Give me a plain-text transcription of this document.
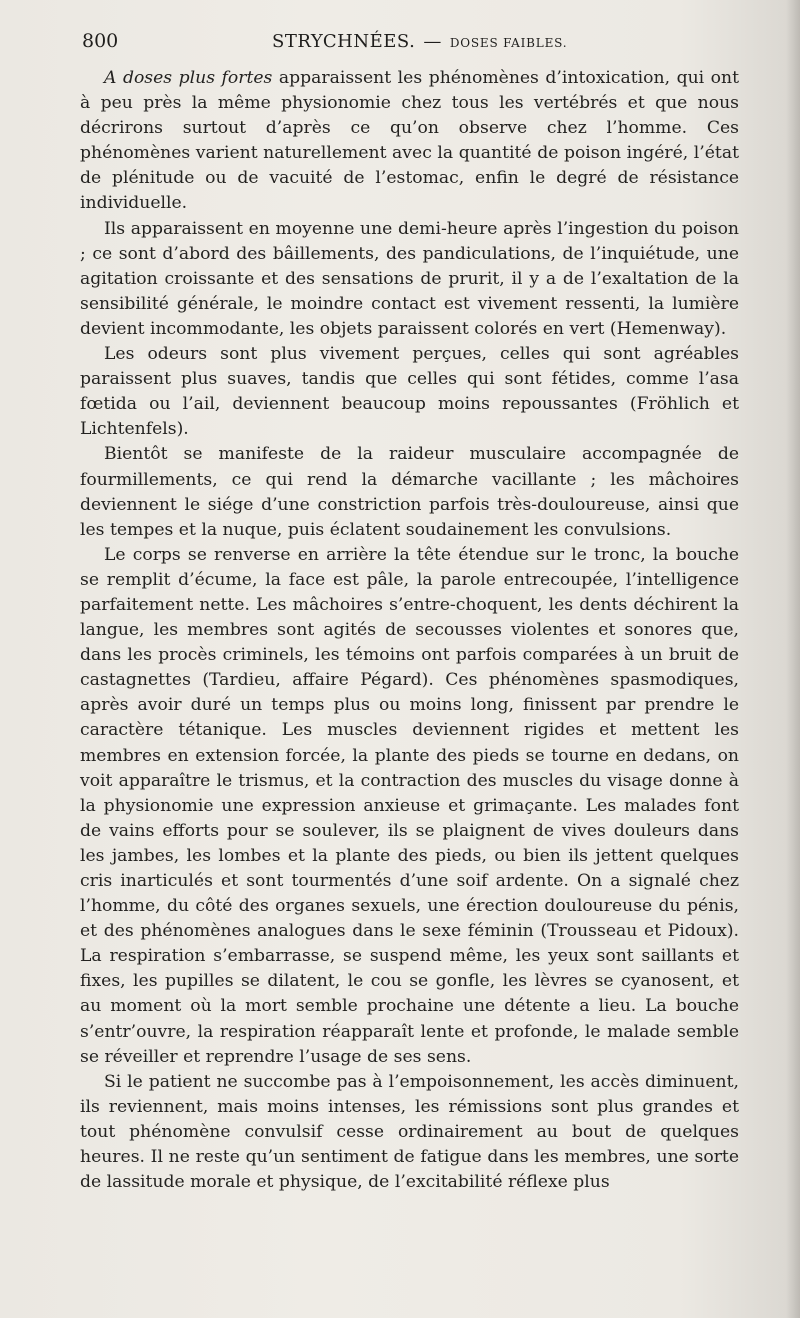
800	STRYCHNÉES. — DOSES FAIBLES.

A doses plus fortes apparaissent les phénomènes d’intoxication, qui ont à peu près la même physionomie chez tous les vertébrés et que nous décrirons surtout d’après ce qu’on observe chez l’homme. Ces phénomènes varient naturellement avec la quantité de poison ingéré, l’état de plénitude ou de vacuité de l’estomac, enfin le degré de résistance individuelle.

Ils apparaissent en moyenne une demi-heure après l’ingestion du poison ; ce sont d’abord des bâillements, des pandiculations, de l’inquiétude, une agitation croissante et des sensations de prurit, il y a de l’exaltation de la sensibilité générale, le moindre contact est vivement ressenti, la lumière devient incommodante, les objets paraissent colorés en vert (Hemenway).

Les odeurs sont plus vivement perçues, celles qui sont agréables paraissent plus suaves, tandis que celles qui sont fétides, comme l’asa fœtida ou l’ail, deviennent beaucoup moins repoussantes (Fröhlich et Lichtenfels).

Bientôt se manifeste de la raideur musculaire accompagnée de fourmillements, ce qui rend la démarche vacillante ; les mâchoires deviennent le siége d’une constriction parfois très-douloureuse, ainsi que les tempes et la nuque, puis éclatent soudainement les convulsions.

Le corps se renverse en arrière la tête étendue sur le tronc, la bouche se remplit d’écume, la face est pâle, la parole entrecoupée, l’intelligence parfaitement nette. Les mâchoires s’entre-choquent, les dents déchirent la langue, les membres sont agités de secousses violentes et sonores que, dans les procès criminels, les témoins ont parfois comparées à un bruit de castagnettes (Tardieu, affaire Pégard). Ces phénomènes spasmodiques, après avoir duré un temps plus ou moins long, finissent par prendre le caractère tétanique. Les muscles deviennent rigides et mettent les membres en extension forcée, la plante des pieds se tourne en dedans, on voit apparaître le trismus, et la contraction des muscles du visage donne à la physionomie une expression anxieuse et grimaçante. Les malades font de vains efforts pour se soulever, ils se plaignent de vives douleurs dans les jambes, les lombes et la plante des pieds, ou bien ils jettent quelques cris inarticulés et sont tourmentés d’une soif ardente. On a signalé chez l’homme, du côté des organes sexuels, une érection douloureuse du pénis, et des phénomènes analogues dans le sexe féminin (Trousseau et Pidoux). La respiration s’embarrasse, se suspend même, les yeux sont saillants et fixes, les pupilles se dilatent, le cou se gonfle, les lèvres se cyanosent, et au moment où la mort semble prochaine une détente a lieu. La bouche s’entr’ouvre, la respiration réapparaît lente et profonde, le malade semble se réveiller et reprendre l’usage de ses sens.

Si le patient ne succombe pas à l’empoisonnement, les accès diminuent, ils reviennent, mais moins intenses, les rémissions sont plus grandes et tout phénomène convulsif cesse ordinairement au bout de quelques heures. Il ne reste qu’un sentiment de fatigue dans les membres, une sorte de lassitude morale et physique, de l’excitabilité réflexe plus
